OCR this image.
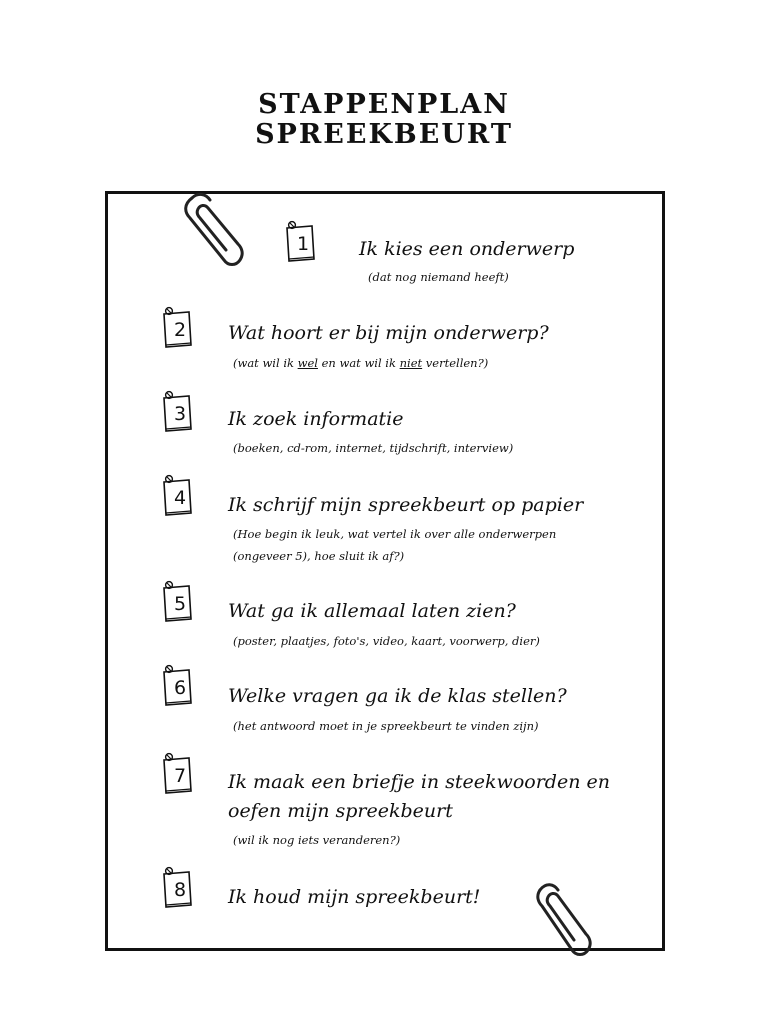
STAPPENPLAN
SPREEKBEURT
1	Ik kies een onderwerp
(dat nog niemand heeft)
2 Wat hoort er bij mijn onderwerp?
(wat wil ik wel en wat wil ik niet vertellen?)
3 Ik zoek informatie
(boeken, cd-rom, internet, tijdschrift, interview)
4 Ik schrijf mijn spreekbeurt op papier
(Hoe begin ik leuk, wat vertel ik over alle onderwerpen
(ongeveer 5), hoe sluit ik af?)
5 Wat ga ik allemaal laten zien?
(poster, plaatjes, foto's, video, kaart, voorwerp, dier)
6 Welke vragen ga ik de klas stellen?
(het antwoord moet in je spreekbeurt te vinden zijn)
7 Ik maak een briefje in steekwoorden en
oefen mijn spreekbeurt
(wil ik nog iets veranderen?)
8 Ik houd mijn spreekbeurt!
